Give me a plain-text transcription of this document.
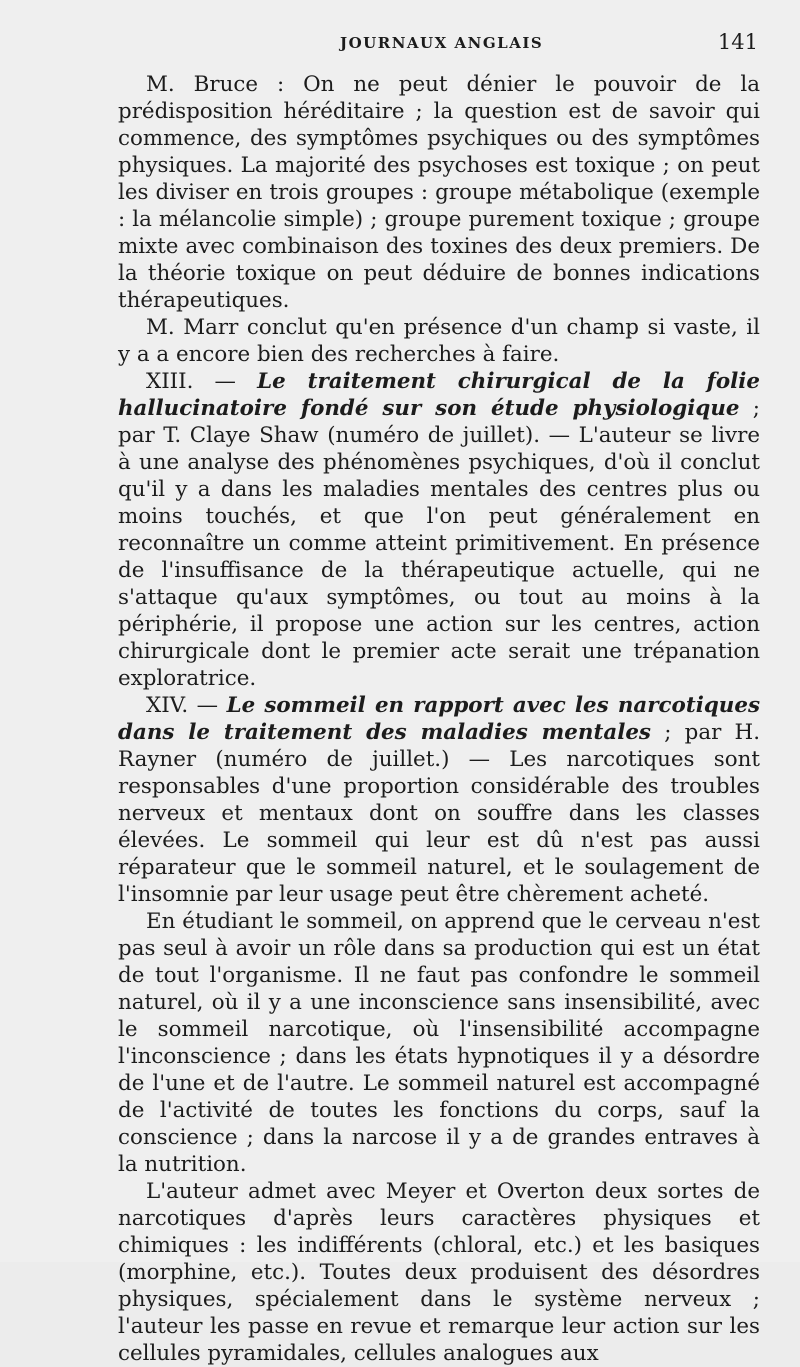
JOURNAUX ANGLAIS	141

M. Bruce : On ne peut dénier le pouvoir de la prédisposition héréditaire ; la question est de savoir qui commence, des symptômes psychiques ou des symptômes physiques. La majorité des psychoses est toxique ; on peut les diviser en trois groupes : groupe métabolique (exemple : la mélancolie simple) ; groupe purement toxique ; groupe mixte avec combinaison des toxines des deux premiers. De la théorie toxique on peut déduire de bonnes indications thérapeutiques.

M. Marr conclut qu'en présence d'un champ si vaste, il y a a encore bien des recherches à faire.

XIII. — Le traitement chirurgical de la folie hallucinatoire fondé sur son étude physiologique ; par T. Claye Shaw (numéro de juillet). — L'auteur se livre à une analyse des phénomènes psychiques, d'où il conclut qu'il y a dans les maladies mentales des centres plus ou moins touchés, et que l'on peut généralement en reconnaître un comme atteint primitivement. En présence de l'insuffisance de la thérapeutique actuelle, qui ne s'attaque qu'aux symptômes, ou tout au moins à la périphérie, il propose une action sur les centres, action chirurgicale dont le premier acte serait une trépanation exploratrice.

XIV. — Le sommeil en rapport avec les narcotiques dans le traitement des maladies mentales ; par H. Rayner (numéro de juillet.) — Les narcotiques sont responsables d'une proportion considérable des troubles nerveux et mentaux dont on souffre dans les classes élevées. Le sommeil qui leur est dû n'est pas aussi réparateur que le sommeil naturel, et le soulagement de l'insomnie par leur usage peut être chèrement acheté.

En étudiant le sommeil, on apprend que le cerveau n'est pas seul à avoir un rôle dans sa production qui est un état de tout l'organisme. Il ne faut pas confondre le sommeil naturel, où il y a une inconscience sans insensibilité, avec le sommeil narcotique, où l'insensibilité accompagne l'inconscience ; dans les états hypnotiques il y a désordre de l'une et de l'autre. Le sommeil naturel est accompagné de l'activité de toutes les fonctions du corps, sauf la conscience ; dans la narcose il y a de grandes entraves à la nutrition.

L'auteur admet avec Meyer et Overton deux sortes de narcotiques d'après leurs caractères physiques et chimiques : les indifférents (chloral, etc.) et les basiques (morphine, etc.). Toutes deux produisent des désordres physiques, spécialement dans le système nerveux ; l'auteur les passe en revue et remarque leur action sur les cellules pyramidales, cellules analogues aux
